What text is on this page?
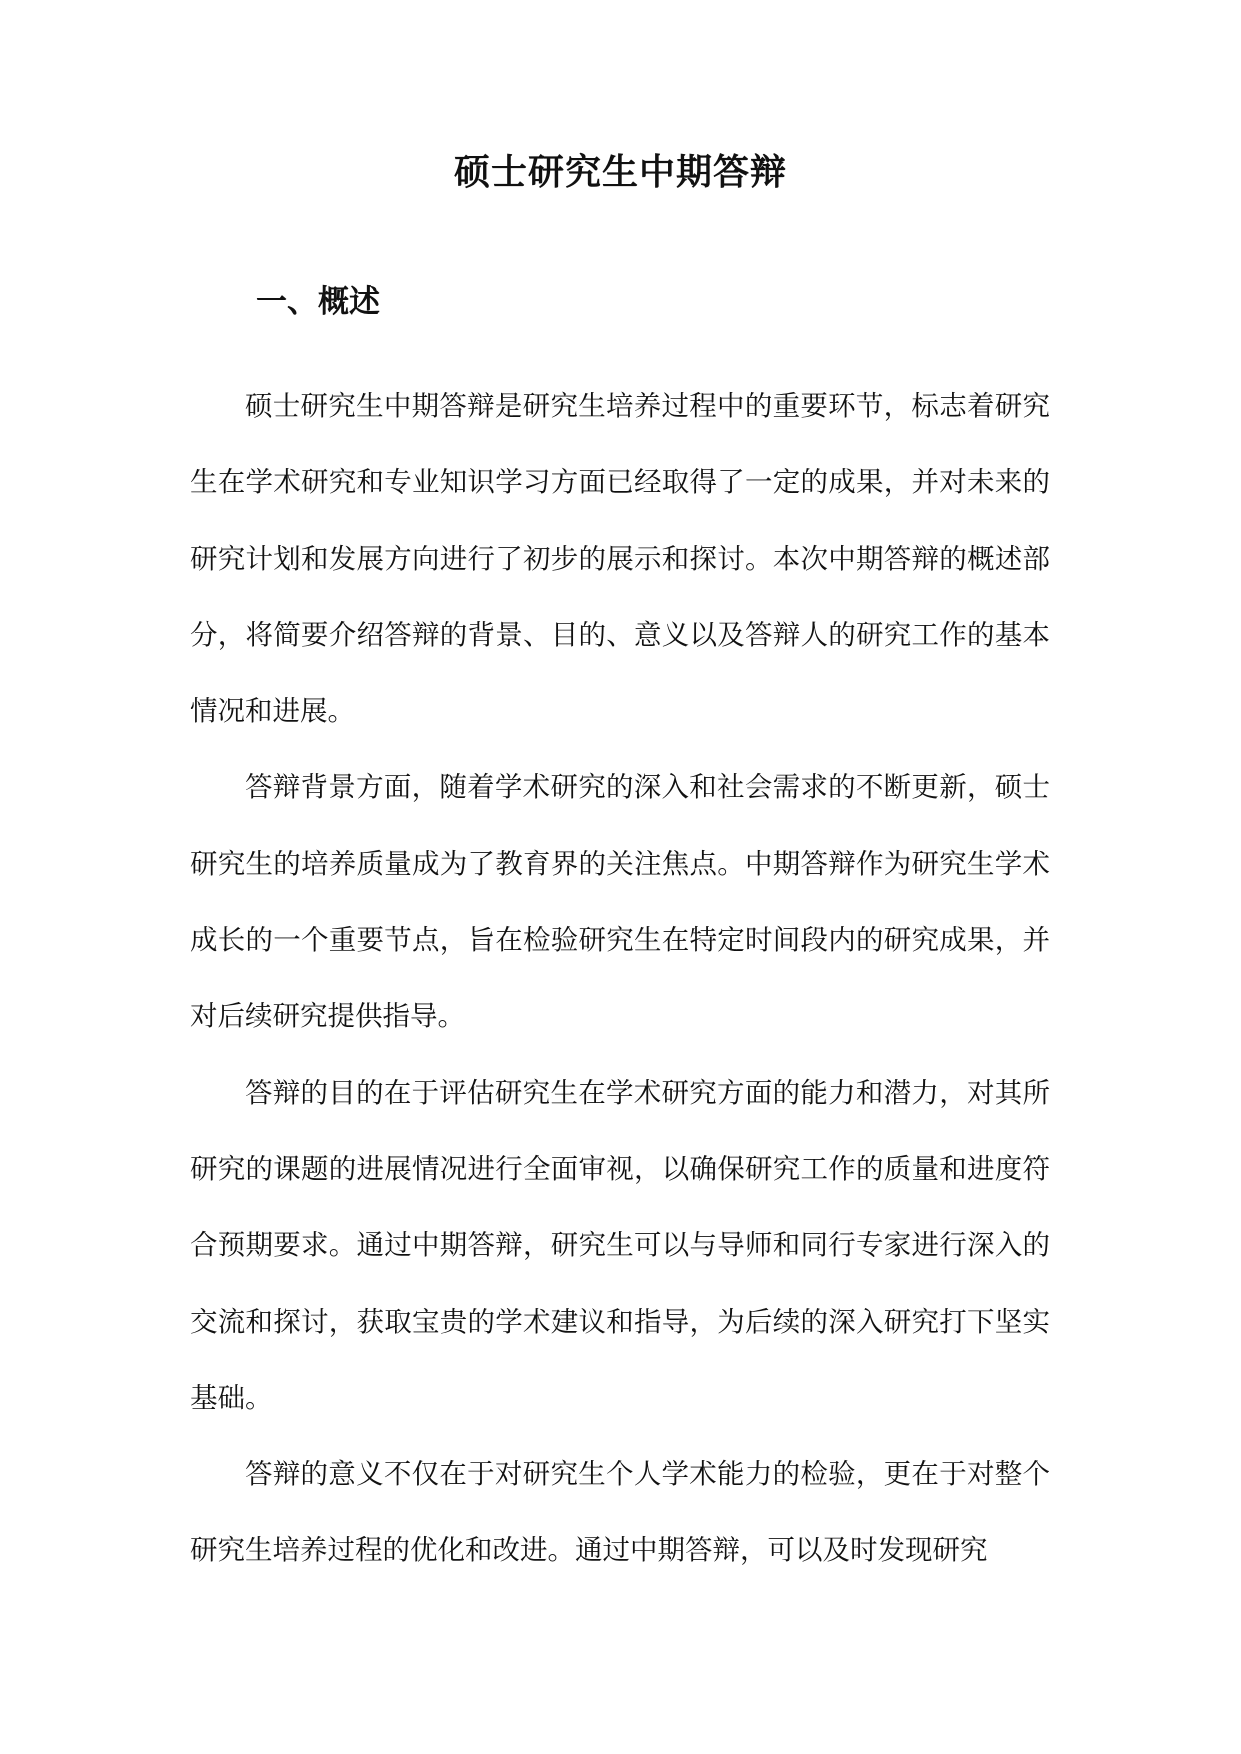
硕士研究生中期答辩
一、概述

硕士研究生中期答辩是研究生培养过程中的重要环节，标志着研究生在学术研究和专业知识学习方面已经取得了一定的成果，并对未来的研究计划和发展方向进行了初步的展示和探讨。本次中期答辩的概述部分，将简要介绍答辩的背景、目的、意义以及答辩人的研究工作的基本情况和进展。

答辩背景方面，随着学术研究的深入和社会需求的不断更新，硕士研究生的培养质量成为了教育界的关注焦点。中期答辩作为研究生学术成长的一个重要节点，旨在检验研究生在特定时间段内的研究成果，并对后续研究提供指导。

答辩的目的在于评估研究生在学术研究方面的能力和潜力，对其所研究的课题的进展情况进行全面审视，以确保研究工作的质量和进度符合预期要求。通过中期答辩，研究生可以与导师和同行专家进行深入的交流和探讨，获取宝贵的学术建议和指导，为后续的深入研究打下坚实基础。

答辩的意义不仅在于对研究生个人学术能力的检验，更在于对整个研究生培养过程的优化和改进。通过中期答辩，可以及时发现研究
